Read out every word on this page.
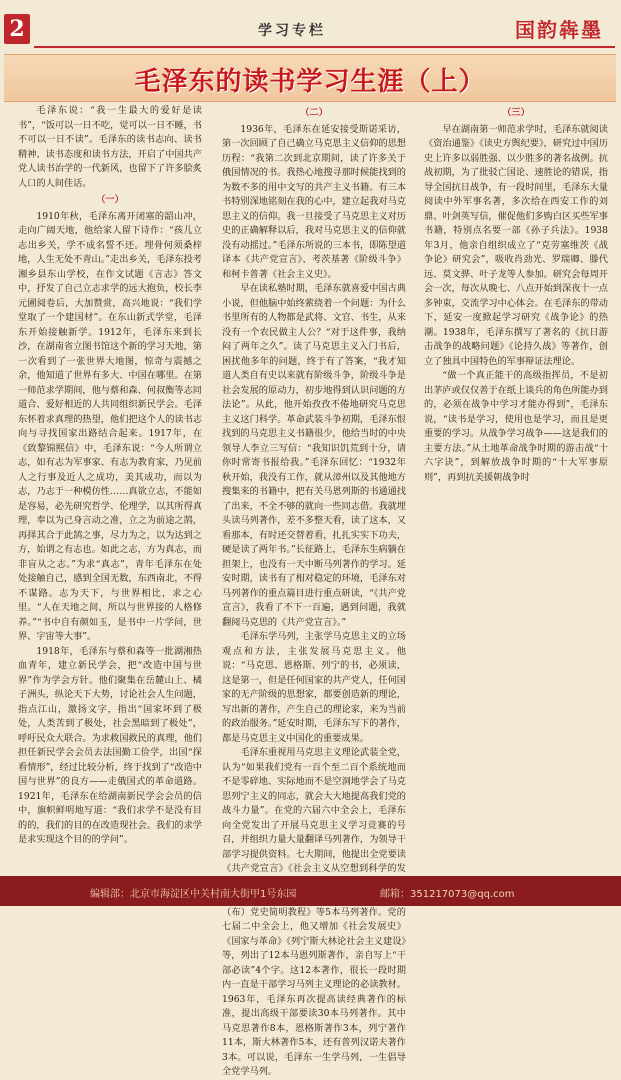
2	学习专栏	国韵犇墨
毛泽东的读书学习生涯（上）

毛泽东说：“我一生最大的爱好是读书”，“饭可以一日不吃，觉可以一日不睡，书不可以一日不读”。毛泽东的读书志向、读书精神、读书态度和读书方法，开启了中国共产党人读书治学的一代新风，也留下了许多脍炙人口的人间佳话。

（一）

1910年秋，毛泽东离开闭塞的韶山冲，走向广阔天地，他给家人留下诗作：“孩儿立志出乡关，学不成名誓不还。埋骨何须桑梓地，人生无处不青山。”走出乡关，毛泽东投考湘乡县东山学校，在作文试题《言志》答文中，抒发了自己立志求学的远大抱负，校长李元圃阅卷后，大加赞赏，高兴地说：“我们学堂取了一个建国材”。在东山新式学堂，毛泽东开始接触新学。1912年，毛泽东来到长沙，在湖南省立图书馆这个新的学习天地，第一次看到了一张世界大地图，惊奇与震撼之余，他知道了世界有多大、中国在哪里。在第一师范求学期间，他与蔡和森、何叔衡等志同道合、爱好相近的人共同组织新民学会。毛泽东怀着求真理的热望，他们把这个人的读书志向与寻找国家出路结合起来。1917年，在《致黎锦熙信》中，毛泽东说：“今人所谓立志，如有志为军事家、有志为教育家，乃见前人之行事及近人之成功，美其成功，而以为志，乃志于一种模仿性……真欲立志，不能如是容易，必先研究哲学、伦理学，以其所得真理，奉以为己身言动之准，立之为前途之鹄，再择其合于此鹄之事，尽力为之，以为达到之方，始谓之有志也。如此之志，方为真志，而非盲从之志。”为求“真志”，青年毛泽东在处处接触自己，感到全国无数，东西南北，不得不谋路。志为天下，与世界相比，求之心里。“人在天地之间，所以与世界接的人格修养。”“书中自有颜如玉，是书中一片学问，世界、宇宙等大事”。

1918年，毛泽东与蔡和森等一批湖湘热血青年，建立新民学会，把“改造中国与世界”作为学会方针。他们聚集在岳麓山上、橘子洲头，纵论天下大势，讨论社会人生问题，指点江山，激扬文字，指出“国家坏到了极处，人类苦到了极处，社会黑暗到了极处”，呼吁民众大联合。为求救国救民的真理，他们担任新民学会会员去法国勤工俭学，出国“探看情形”，经过比较分析，终于找到了“改造中国与世界”的良方——走俄国式的革命道路。1921年，毛泽东在给湖南新民学会会员的信中，旗帜鲜明地写道：“我们求学不是没有目的的，我们的目的在改造现社会。我们的求学是求实现这个目的的学问”。

（二）

1936年，毛泽东在延安接受斯诺采访，第一次回顾了自己确立马克思主义信仰的思想历程：“我第二次到北京期间，读了许多关于俄国情况的书。我热心地搜寻那时候能找到的为数不多的用中文写的共产主义书籍。有三本书特别深地铭刻在我的心中，建立起我对马克思主义的信仰。我一旦接受了马克思主义对历史的正确解释以后，我对马克思主义的信仰就没有动摇过。”毛泽东所说的三本书，即陈望道译本《共产党宣言》、考茨基著《阶级斗争》和柯卡普著《社会主义史》。

早在读私塾时期，毛泽东就喜爱中国古典小说，但他脑中始终萦绕着一个问题：为什么书里所有的人物都是武将、文官、书生，从来没有一个农民做主人公？“对于这件事，我纳闷了两年之久”。读了马克思主义入门书后，困扰他多年的问题，终于有了答案，“我才知道人类自有史以来就有阶级斗争，阶级斗争是社会发展的原动力，初步地得到认识问题的方法论”。从此，他开始孜孜不倦地研究马克思主义这门科学。革命武装斗争初期，毛泽东恨找到的马克思主义书籍很少，他给当时的中央领导人李立三写信：“我知识饥荒到十分，请你时常寄书报给我。”毛泽东回忆：“1932年秋开始，我没有工作，就从漳州以及其他地方搜集来的书籍中，把有关马恩列斯的书通通找了出来，不全不够的就向一些同志借。我就埋头读马列著作，差不多整天看，读了这本，又看那本，有时还交替着看，扎扎实实下功夫，硬是读了两年书。”长征路上，毛泽东生病躺在担架上，也没有一天中断马列著作的学习。延安时期，读书有了相对稳定的环境，毛泽东对马列著作的重点篇目进行重点研读，“《共产党宣言》，我看了不下一百遍，遇到问题，我就翻阅马克思的《共产党宣言》。”

毛泽东学马列，主张学马克思主义的立场观点和方法，主张发展马克思主义。他说：“马克思、恩格斯、列宁的书，必须读，这是第一，但是任何国家的共产党人，任何国家的无产阶级的思想家，都要创造新的理论，写出新的著作，产生自己的理论家，来为当前的政治服务。”延安时期，毛泽东写下的著作，都是马克思主义中国化的重要成果。

毛泽东重视用马克思主义理论武装全党，认为“如果我们党有一百个至二百个系统地而不是零碎地、实际地而不是空洞地学会了马克思列宁主义的同志，就会大大地提高我们党的战斗力量”。在党的六届六中全会上，毛泽东向全党发出了开展马克思主义学习竞赛的号召，并组织力量大量翻译马列著作，为领导干部学习提供资料。七大期间，他提出全党要读《共产党宣言》《社会主义从空想到科学的发 （布）党史简明教程》等5本马列著作。党的七届二中全会上，他又增加《社会发展史》《国家与革命》《列宁斯大林论社会主义建设》等，列出了12本马恩列斯著作，亲自写上“干部必读”4个字。这12本著作，很长一段时期内一直是干部学习马列主义理论的必读教材。1963年，毛泽东再次提高读经典著作的标准，提出高级干部要读30本马列著作。其中马克思著作8本，恩格斯著作3本，列宁著作11本，斯大林著作5本，还有普列汉诺夫著作3本。可以说，毛泽东一生学马列，一生倡导全党学马列。

（三）

早在湖南第一师范求学时，毛泽东就阅读《资治通鉴》《读史方舆纪要》，研究过中国历史上许多以弱胜强、以少胜多的著名战例。抗战初期，为了批驳亡国论、速胜论的错误，指导全国抗日战争，有一段时间里，毛泽东大量阅读中外军事名著，多次给在西安工作的刘鼎、叶剑英写信，催促他们多购白区买些军事书籍，特别点名要一部《孙子兵法》。1938年3月，他亲自组织成立了“克劳塞维茨《战争论》研究会”，吸收肖劲光、罗瑞卿、滕代远、莫文骅、叶子龙等人参加。研究会每周开会一次，每次从晚七、八点开始到深夜十一点多钟束，交流学习中心体会。在毛泽东的带动下，延安一度掀起学习研究《战争论》的热潮。1938年，毛泽东撰写了著名的《抗日游击战争的战略问题》《论持久战》等著作，创立了独具中国特色的军事辩证法理论。

“做一个真正能干的高级指挥员，不是初出茅庐或仅仅善于在纸上谈兵的角色所能办到的，必须在战争中学习才能办得到”，毛泽东说，“读书是学习，使用也是学习，而且是更重要的学习。从战争学习战争——这是我们的主要方法。”从土地革命战争时期的游击战“十六字诀”，到解放战争时期的“十大军事原则”，再到抗美援朝战争时

编辑部：北京市海淀区中关村南大街甲1号东园	邮箱：351217073@qq.com
